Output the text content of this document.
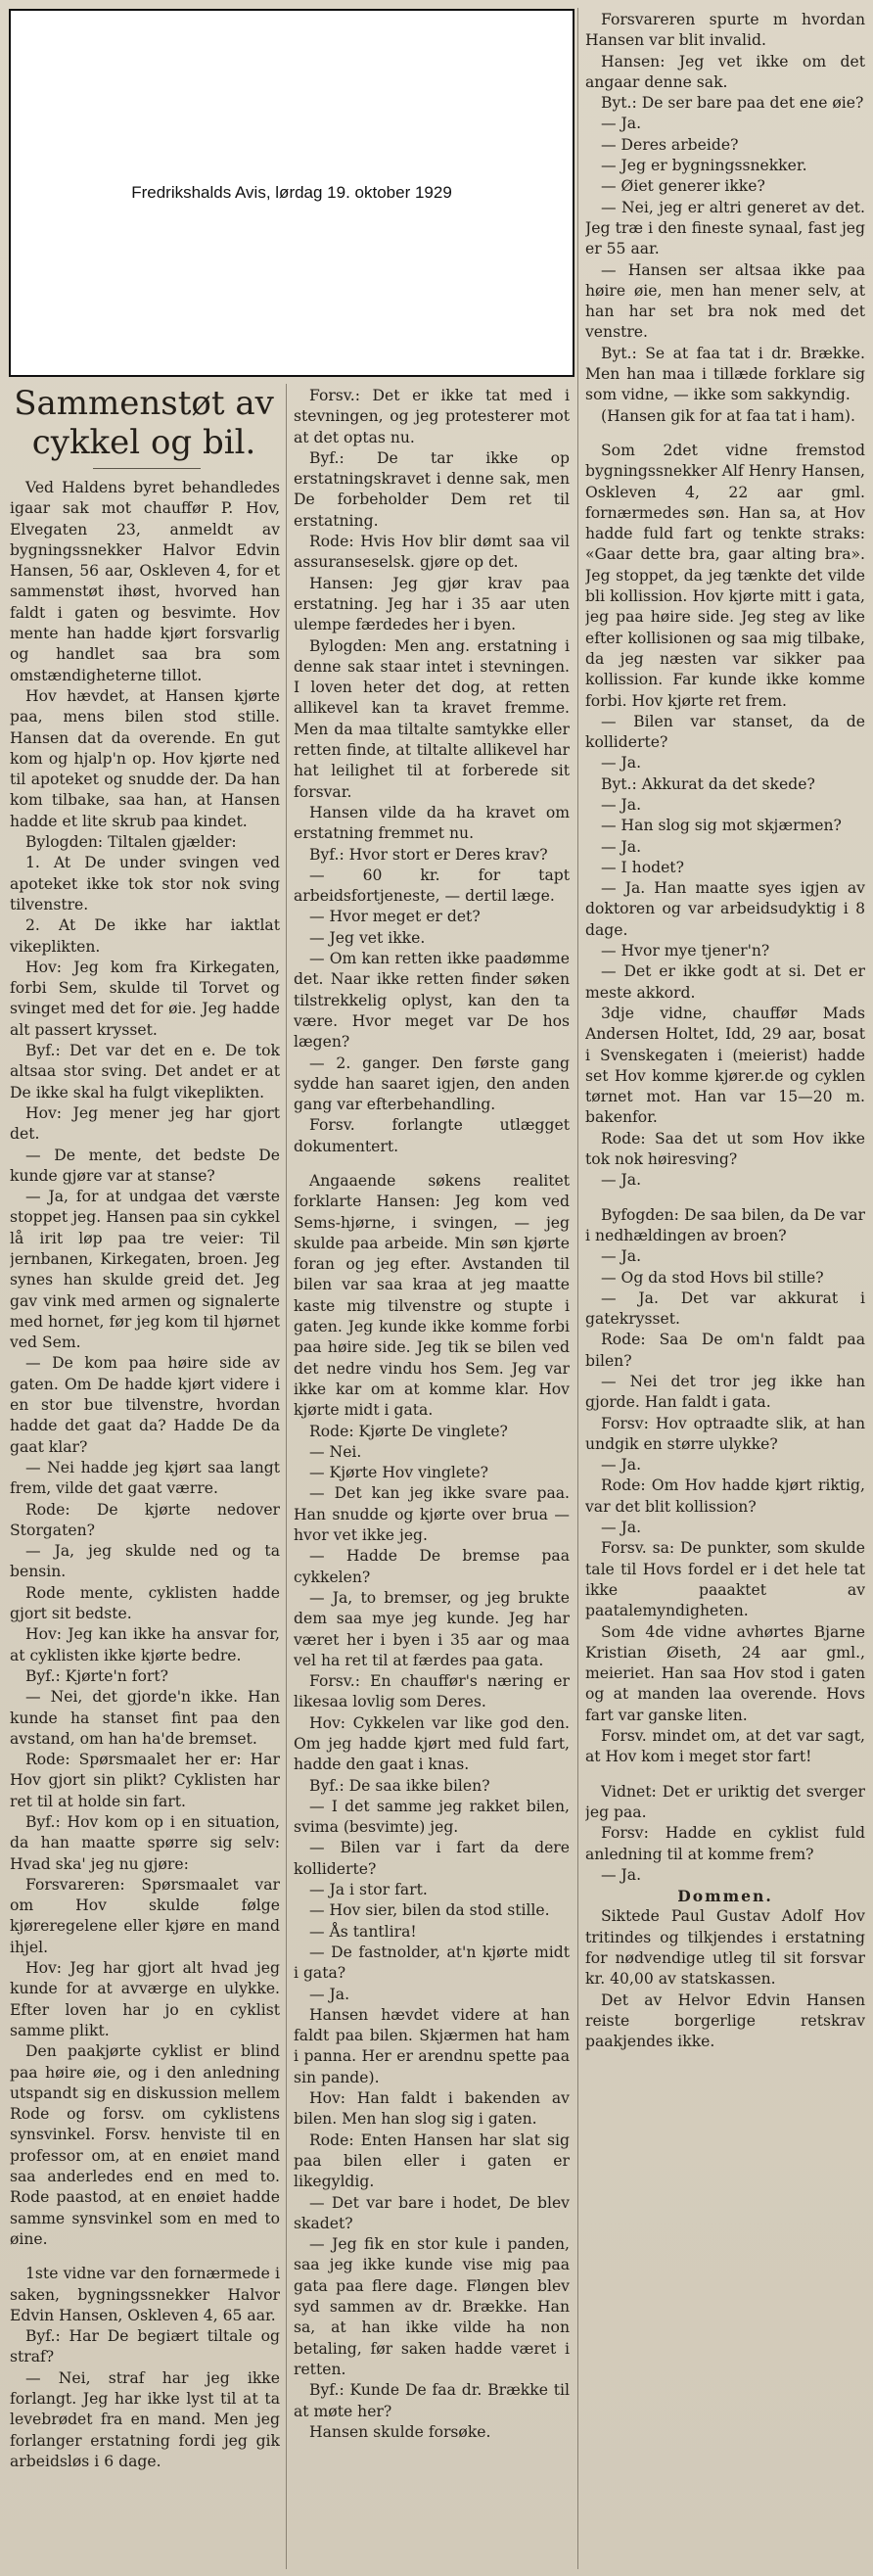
Fredrikshalds Avis, lørdag 19. oktober 1929
Sammenstøt av cykkel og bil.

Ved Haldens byret behandledes igaar sak mot chauffør P. Hov, Elvegaten 23, anmeldt av bygningssnekker Halvor Edvin Hansen, 56 aar, Oskleven 4, for et sammenstøt ihøst, hvorved han faldt i gaten og besvimte. Hov mente han hadde kjørt forsvarlig og handlet saa bra som omstændigheterne tillot.

Hov hævdet, at Hansen kjørte paa, mens bilen stod stille. Hansen dat da overende. En gut kom og hjalp'n op. Hov kjørte ned til apoteket og snudde der. Da han kom tilbake, saa han, at Hansen hadde et lite skrub paa kindet.

Bylogden: Tiltalen gjælder:

1. At De under svingen ved apoteket ikke tok stor nok sving tilvenstre.

2. At De ikke har iaktlat vikeplikten.

Hov: Jeg kom fra Kirkegaten, forbi Sem, skulde til Torvet og svinget med det for øie. Jeg hadde alt passert krysset.

Byf.: Det var det en e. De tok altsaa stor sving. Det andet er at De ikke skal ha fulgt vikeplikten.

Hov: Jeg mener jeg har gjort det.

— De mente, det bedste De kunde gjøre var at stanse?

— Ja, for at undgaa det værste stoppet jeg. Hansen paa sin cykkel lå irit løp paa tre veier: Til jernbanen, Kirkegaten, broen. Jeg synes han skulde greid det. Jeg gav vink med armen og signalerte med hornet, før jeg kom til hjørnet ved Sem.

— De kom paa høire side av gaten. Om De hadde kjørt videre i en stor bue tilvenstre, hvordan hadde det gaat da? Hadde De da gaat klar?

— Nei hadde jeg kjørt saa langt frem, vilde det gaat værre.

Rode: De kjørte nedover Storgaten?

— Ja, jeg skulde ned og ta bensin.

Rode mente, cyklisten hadde gjort sit bedste.

Hov: Jeg kan ikke ha ansvar for, at cyklisten ikke kjørte bedre.

Byf.: Kjørte'n fort?

— Nei, det gjorde'n ikke. Han kunde ha stanset fint paa den avstand, om han ha'de bremset.

Rode: Spørsmaalet her er: Har Hov gjort sin plikt? Cyklisten har ret til at holde sin fart.

Byf.: Hov kom op i en situation, da han maatte spørre sig selv: Hvad ska' jeg nu gjøre:

Forsvareren: Spørsmaalet var om Hov skulde følge kjøreregelene eller kjøre en mand ihjel.

Hov: Jeg har gjort alt hvad jeg kunde for at avværge en ulykke. Efter loven har jo en cyklist samme plikt.

Den paakjørte cyklist er blind paa høire øie, og i den anledning utspandt sig en diskussion mellem Rode og forsv. om cyklistens synsvinkel. Forsv. henviste til en professor om, at en enøiet mand saa anderledes end en med to. Rode paastod, at en enøiet hadde samme synsvinkel som en med to øine.

1ste vidne var den fornærmede i saken, bygningssnekker Halvor Edvin Hansen, Oskleven 4, 65 aar.

Byf.: Har De begiært tiltale og straf?

— Nei, straf har jeg ikke forlangt. Jeg har ikke lyst til at ta levebrødet fra en mand. Men jeg forlanger erstatning fordi jeg gik arbeidsløs i 6 dage.

Forsv.: Det er ikke tat med i stevningen, og jeg protesterer mot at det optas nu.

Byf.: De tar ikke op erstatningskravet i denne sak, men De forbeholder Dem ret til erstatning.

Rode: Hvis Hov blir dømt saa vil assuranseselsk. gjøre op det.

Hansen: Jeg gjør krav paa erstatning. Jeg har i 35 aar uten ulempe færdedes her i byen.

Bylogden: Men ang. erstatning i denne sak staar intet i stevningen. I loven heter det dog, at retten allikevel kan ta kravet fremme. Men da maa tiltalte samtykke eller retten finde, at tiltalte allikevel har hat leilighet til at forberede sit forsvar.

Hansen vilde da ha kravet om erstatning fremmet nu.

Byf.: Hvor stort er Deres krav?

— 60 kr. for tapt arbeidsfortjeneste, — dertil læge.

— Hvor meget er det?

— Jeg vet ikke.

— Om kan retten ikke paadømme det. Naar ikke retten finder søken tilstrekkelig oplyst, kan den ta være. Hvor meget var De hos lægen?

— 2. ganger. Den første gang sydde han saaret igjen, den anden gang var efterbehandling.

Forsv. forlangte utlægget dokumentert.

Angaaende søkens realitet forklarte Hansen: Jeg kom ved Sems-hjørne, i svingen, — jeg skulde paa arbeide. Min søn kjørte foran og jeg efter. Avstanden til bilen var saa kraa at jeg maatte kaste mig tilvenstre og stupte i gaten. Jeg kunde ikke komme forbi paa høire side. Jeg tik se bilen ved det nedre vindu hos Sem. Jeg var ikke kar om at komme klar. Hov kjørte midt i gata.

Rode: Kjørte De vinglete?

— Nei.

— Kjørte Hov vinglete?

— Det kan jeg ikke svare paa. Han snudde og kjørte over brua — hvor vet ikke jeg.

— Hadde De bremse paa cykkelen?

— Ja, to bremser, og jeg brukte dem saa mye jeg kunde. Jeg har været her i byen i 35 aar og maa vel ha ret til at færdes paa gata.

Forsv.: En chauffør's næring er likesaa lovlig som Deres.

Hov: Cykkelen var like god den. Om jeg hadde kjørt med fuld fart, hadde den gaat i knas.

Byf.: De saa ikke bilen?

— I det samme jeg rakket bilen, svima (besvimte) jeg.

— Bilen var i fart da dere kolliderte?

— Ja i stor fart.

— Hov sier, bilen da stod stille.

— Ås tantlira!

— De fastnolder, at'n kjørte midt i gata?

— Ja.

Hansen hævdet videre at han faldt paa bilen. Skjærmen hat ham i panna. Her er arendnu spette paa sin pande).

Hov: Han faldt i bakenden av bilen. Men han slog sig i gaten.

Rode: Enten Hansen har slat sig paa bilen eller i gaten er likegyldig.

— Det var bare i hodet, De blev skadet?

— Jeg fik en stor kule i panden, saa jeg ikke kunde vise mig paa gata paa flere dage. Fløngen blev syd sammen av dr. Brække. Han sa, at han ikke vilde ha non betaling, før saken hadde været i retten.

Byf.: Kunde De faa dr. Brække til at møte her?

Hansen skulde forsøke.

Forsvareren spurte m hvordan Hansen var blit invalid.

Hansen: Jeg vet ikke om det angaar denne sak.

Byt.: De ser bare paa det ene øie?

— Ja.

— Deres arbeide?

— Jeg er bygningssnekker.

— Øiet generer ikke?

— Nei, jeg er altri generet av det. Jeg træ i den fineste synaal, fast jeg er 55 aar.

— Hansen ser altsaa ikke paa høire øie, men han mener selv, at han har set bra nok med det venstre.

Byt.: Se at faa tat i dr. Brække. Men han maa i tillæde forklare sig som vidne, — ikke som sakkyndig.

(Hansen gik for at faa tat i ham).

Som 2det vidne fremstod bygningssnekker Alf Henry Hansen, Oskleven 4, 22 aar gml. fornærmedes søn. Han sa, at Hov hadde fuld fart og tenkte straks: «Gaar dette bra, gaar alting bra». Jeg stoppet, da jeg tænkte det vilde bli kollission. Hov kjørte mitt i gata, jeg paa høire side. Jeg steg av like efter kollisionen og saa mig tilbake, da jeg næsten var sikker paa kollission. Far kunde ikke komme forbi. Hov kjørte ret frem.

— Bilen var stanset, da de kolliderte?

— Ja.

Byt.: Akkurat da det skede?

— Ja.

— Han slog sig mot skjærmen?

— Ja.

— I hodet?

— Ja. Han maatte syes igjen av doktoren og var arbeidsudyktig i 8 dage.

— Hvor mye tjener'n?

— Det er ikke godt at si. Det er meste akkord.

3dje vidne, chauffør Mads Andersen Holtet, Idd, 29 aar, bosat i Svenskegaten i (meierist) hadde set Hov komme kjører.de og cyklen tørnet mot. Han var 15—20 m. bakenfor.

Rode: Saa det ut som Hov ikke tok nok høiresving?

— Ja.

Byfogden: De saa bilen, da De var i nedhældingen av broen?

— Ja.

— Og da stod Hovs bil stille?

— Ja. Det var akkurat i gatekrysset.

Rode: Saa De om'n faldt paa bilen?

— Nei det tror jeg ikke han gjorde. Han faldt i gata.

Forsv: Hov optraadte slik, at han undgik en større ulykke?

— Ja.

Rode: Om Hov hadde kjørt riktig, var det blit kollission?

— Ja.

Forsv. sa: De punkter, som skulde tale til Hovs fordel er i det hele tat ikke paaaktet av paatalemyndigheten.

Som 4de vidne avhørtes Bjarne Kristian Øiseth, 24 aar gml., meieriet. Han saa Hov stod i gaten og at manden laa overende. Hovs fart var ganske liten.

Forsv. mindet om, at det var sagt, at Hov kom i meget stor fart!

Vidnet: Det er uriktig det sverger jeg paa.

Forsv: Hadde en cyklist fuld anledning til at komme frem?

— Ja.

Dommen.

Siktede Paul Gustav Adolf Hov tritindes og tilkjendes i erstatning for nødvendige utleg til sit forsvar kr. 40,00 av statskassen.

Det av Helvor Edvin Hansen reiste borgerlige retskrav paakjendes ikke.
